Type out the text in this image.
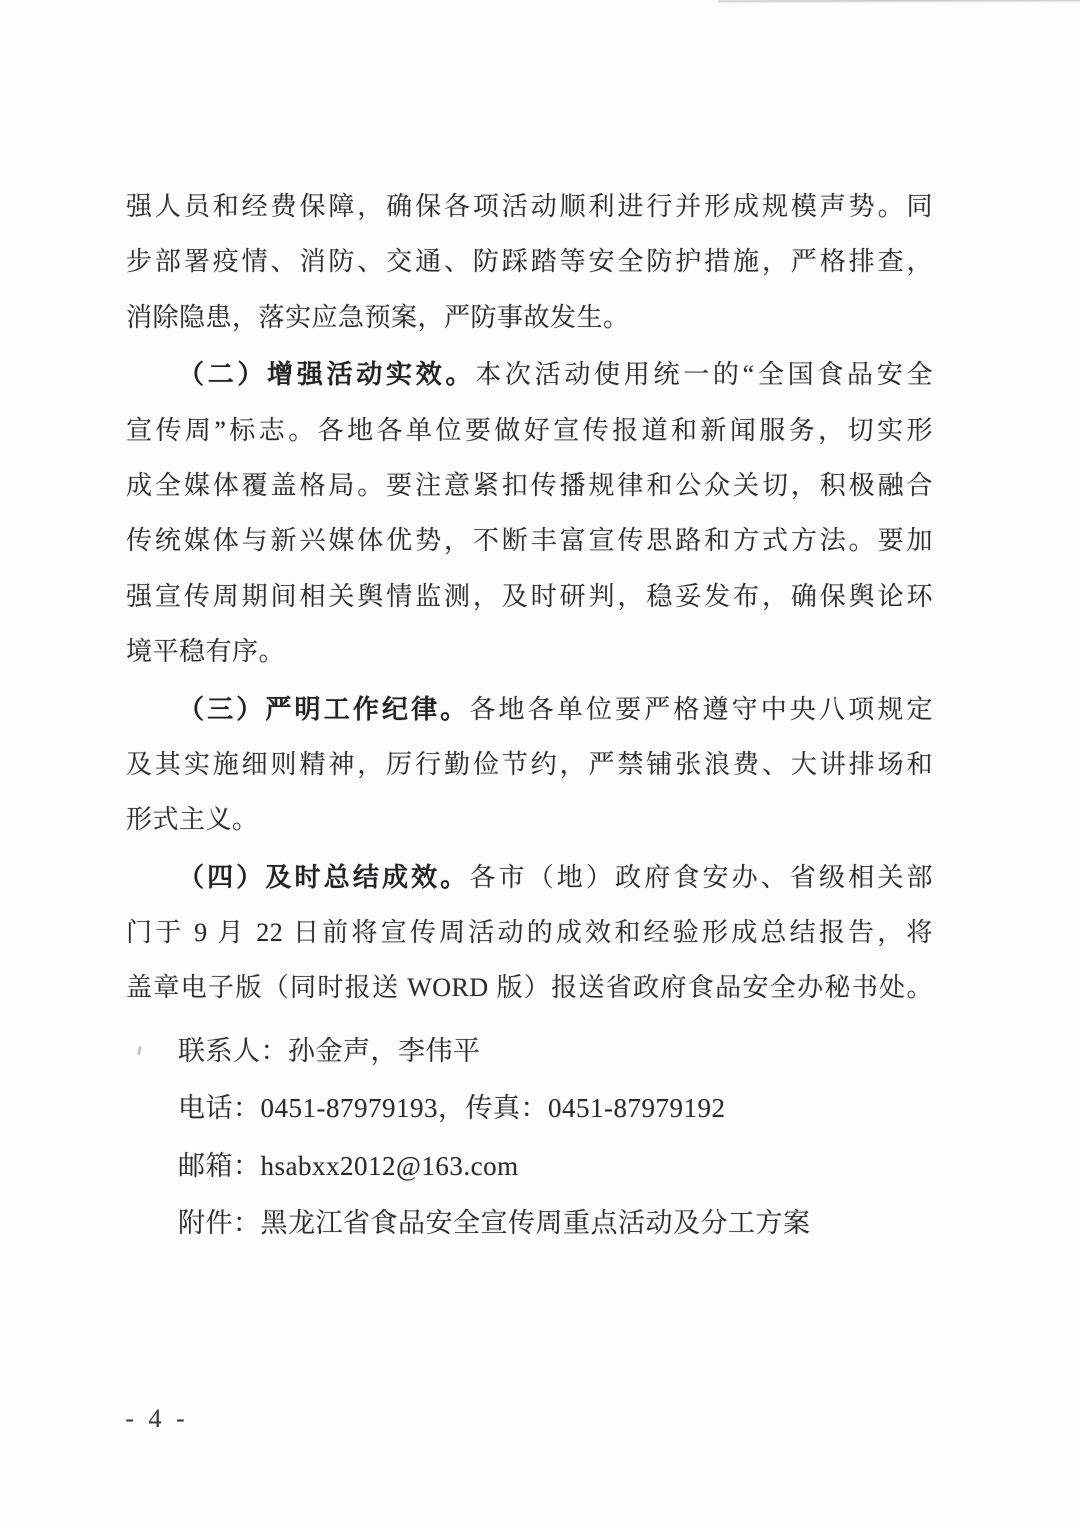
强人员和经费保障，确保各项活动顺利进行并形成规模声势。同
步部署疫情、消防、交通、防踩踏等安全防护措施，严格排查，
消除隐患，落实应急预案，严防事故发生。
（二）增强活动实效。本次活动使用统一的“全国食品安全
宣传周”标志。各地各单位要做好宣传报道和新闻服务，切实形
成全媒体覆盖格局。要注意紧扣传播规律和公众关切，积极融合
传统媒体与新兴媒体优势，不断丰富宣传思路和方式方法。要加
强宣传周期间相关舆情监测，及时研判，稳妥发布，确保舆论环
境平稳有序。
（三）严明工作纪律。各地各单位要严格遵守中央八项规定
及其实施细则精神，厉行勤俭节约，严禁铺张浪费、大讲排场和
形式主义。
（四）及时总结成效。各市（地）政府食安办、省级相关部
门于 9 月 22 日前将宣传周活动的成效和经验形成总结报告，将
盖章电子版（同时报送 WORD 版）报送省政府食品安全办秘书处。
联系人：孙金声，李伟平
电话：0451-87979193，传真：0451-87979192
邮箱：hsabxx2012@163.com
附件：黑龙江省食品安全宣传周重点活动及分工方案
- 4 -
